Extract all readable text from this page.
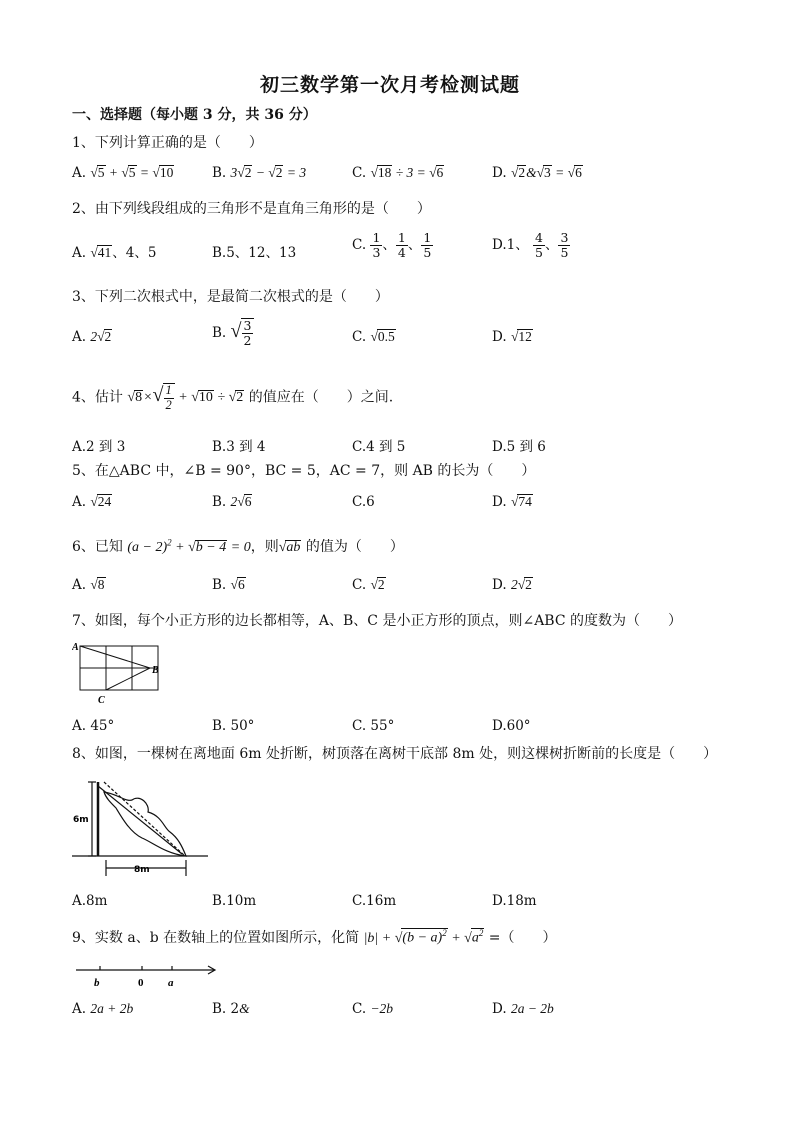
初三数学第一次月考检测试题
一、选择题（每小题 3 分，共 36 分）
1、下列计算正确的是（　　）
A. √5 + √5 = √10	B. 3√2 − √2 = 3	C. √18 ÷ 3 = √6	D. √2&√3 = √6
2、由下列线段组成的三角形不是直角三角形的是（　　）
A. √41、4、5	B.5、12、13
C. $\frac{1}{3}$ 、 $\frac{1}{4}$ 、 $\frac{1}{5}$	D.1、 $\frac{4}{5}$ 、 $\frac{3}{5}$
3、下列二次根式中，是最简二次根式的是（　　）
A. 2√2	B. √ $\frac{3}{2}$	C. √0.5	D. √12
4、估计 $√8\times√ \frac{1}{2} + √10 \div √2$ 的值应在（　　）之间.
A.2 到 3	B.3 到 4	C.4 到 5	D.5 到 6
5、在△ABC 中，∠B = 90°，BC = 5，AC = 7，则 AB 的长为（　　）
A. √24	B. 2√6	C.6	D. √74
6、已知 $(a - 2)^2 + √b - 4 = 0$，则√ab 的值为（　　）
A. √8	B. √6	C. √2	D. 2√2
7、如图，每个小正方形的边长都相等，A、B、C 是小正方形的顶点，则∠ABC 的度数为（　　）
A
B
C
A. 45°	B. 50°	C. 55°	D.60°
8、如图，一棵树在离地面 6m 处折断，树顶落在离树干底部 8m 处，则这棵树折断前的长度是（　　）
6m
8m
A.8m	B.10m	C.16m	D.18m
9、实数 a、b 在数轴上的位置如图所示，化简 $|b| + √(b - a)^2 + √a^2$ =（　　）
b	0 a
A. 2a + 2b	B. 2&	C. −2b	D. 2a − 2b
